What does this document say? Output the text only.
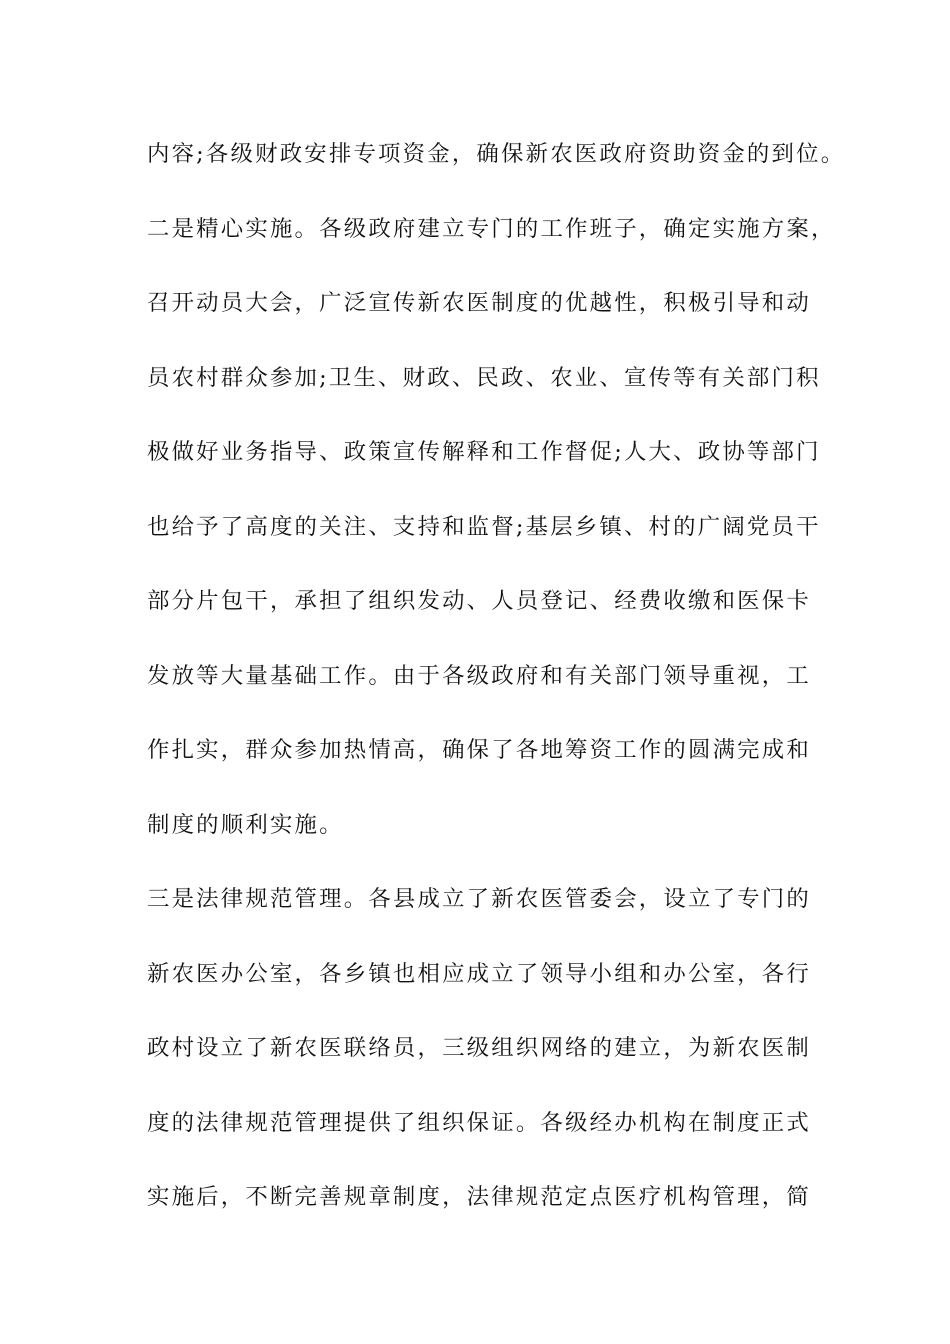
内容;各级财政安排专项资金，确保新农医政府资助资金的到位。
二是精心实施。各级政府建立专门的工作班子，确定实施方案，
召开动员大会，广泛宣传新农医制度的优越性，积极引导和动
员农村群众参加;卫生、财政、民政、农业、宣传等有关部门积
极做好业务指导、政策宣传解释和工作督促;人大、政协等部门
也给予了高度的关注、支持和监督;基层乡镇、村的广阔党员干
部分片包干，承担了组织发动、人员登记、经费收缴和医保卡
发放等大量基础工作。由于各级政府和有关部门领导重视，工
作扎实，群众参加热情高，确保了各地筹资工作的圆满完成和
制度的顺利实施。
三是法律规范管理。各县成立了新农医管委会，设立了专门的
新农医办公室，各乡镇也相应成立了领导小组和办公室，各行
政村设立了新农医联络员，三级组织网络的建立，为新农医制
度的法律规范管理提供了组织保证。各级经办机构在制度正式
实施后，不断完善规章制度，法律规范定点医疗机构管理，简
